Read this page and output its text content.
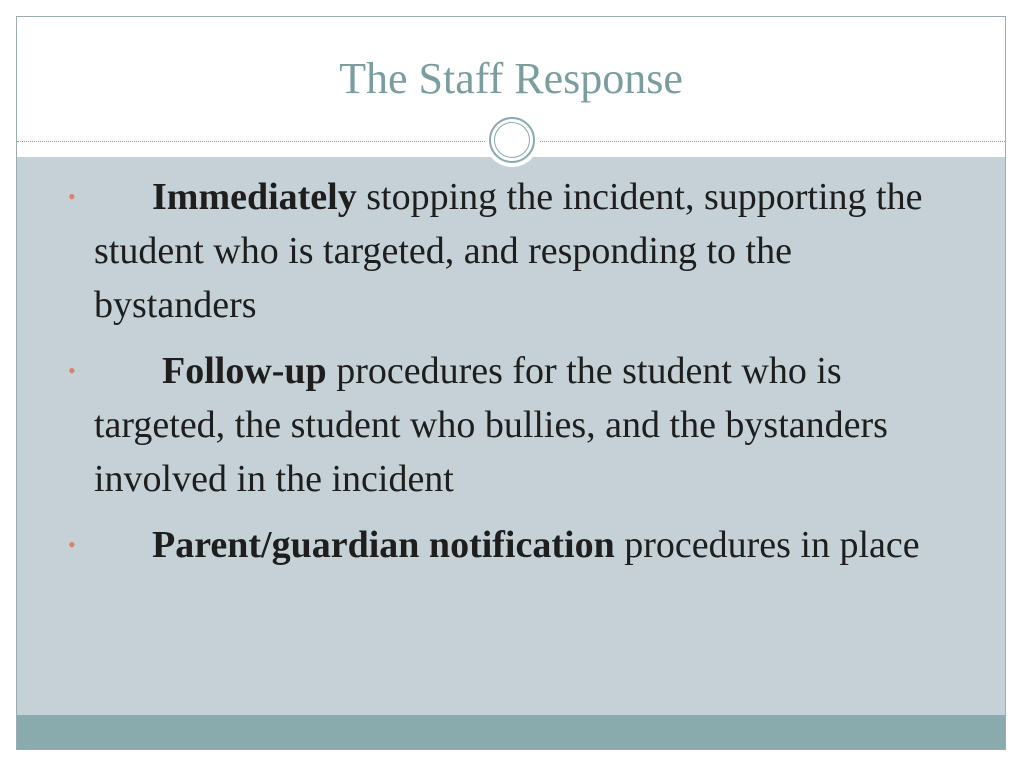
The Staff Response
• Immediately stopping the incident, supporting the student who is targeted, and responding to the bystanders
• Follow-up procedures for the student who is targeted, the student who bullies, and the bystanders involved in the incident
• Parent/guardian notification procedures in place
